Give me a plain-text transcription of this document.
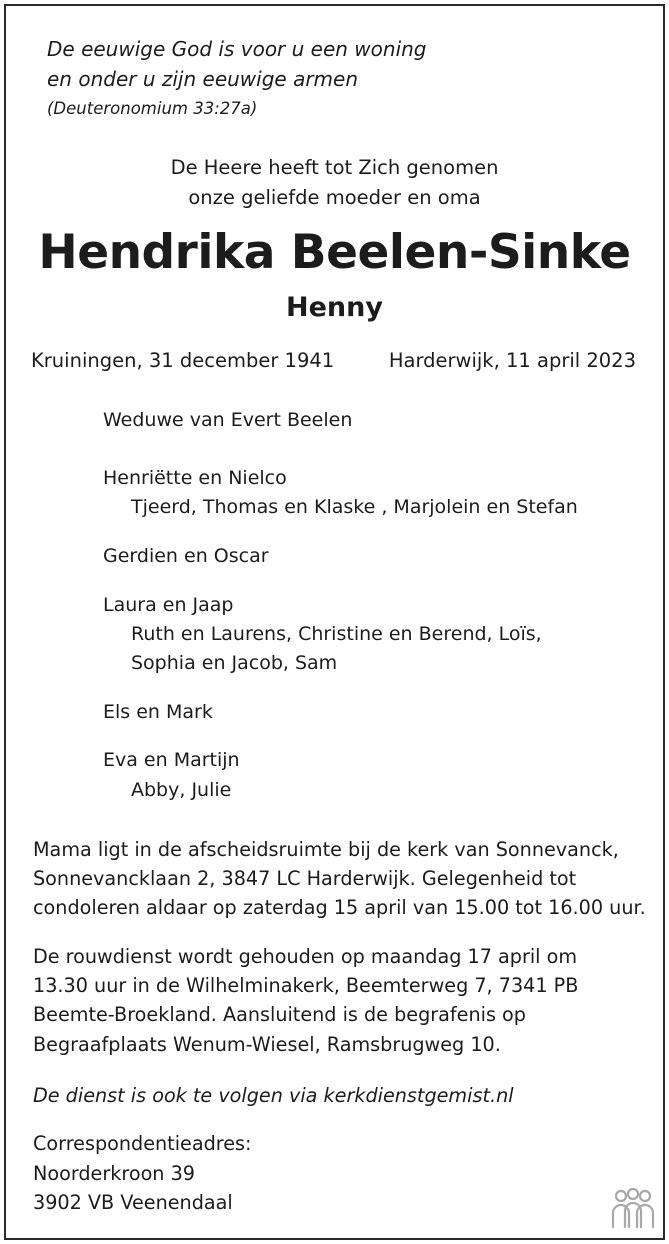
De eeuwige God is voor u een woning
en onder u zijn eeuwige armen
(Deuteronomium 33:27a)
De Heere heeft tot Zich genomen
onze geliefde moeder en oma
Hendrika Beelen-Sinke
Henny
Kruiningen, 31 december 1941	Harderwijk, 11 april 2023
Weduwe van Evert Beelen
Henriëtte en Nielco
Tjeerd, Thomas en Klaske , Marjolein en Stefan
Gerdien en Oscar
Laura en Jaap
Ruth en Laurens, Christine en Berend, Loïs,
Sophia en Jacob, Sam
Els en Mark
Eva en Martijn
Abby, Julie
Mama ligt in de afscheidsruimte bij de kerk van Sonnevanck,
Sonnevancklaan 2, 3847 LC Harderwijk. Gelegenheid tot
condoleren aldaar op zaterdag 15 april van 15.00 tot 16.00 uur.
De rouwdienst wordt gehouden op maandag 17 april om
13.30 uur in de Wilhelminakerk, Beemterweg 7, 7341 PB
Beemte-Broekland. Aansluitend is de begrafenis op
Begraafplaats Wenum-Wiesel, Ramsbrugweg 10.
De dienst is ook te volgen via kerkdienstgemist.nl
Correspondentieadres:
Noorderkroon 39
3902 VB Veenendaal
